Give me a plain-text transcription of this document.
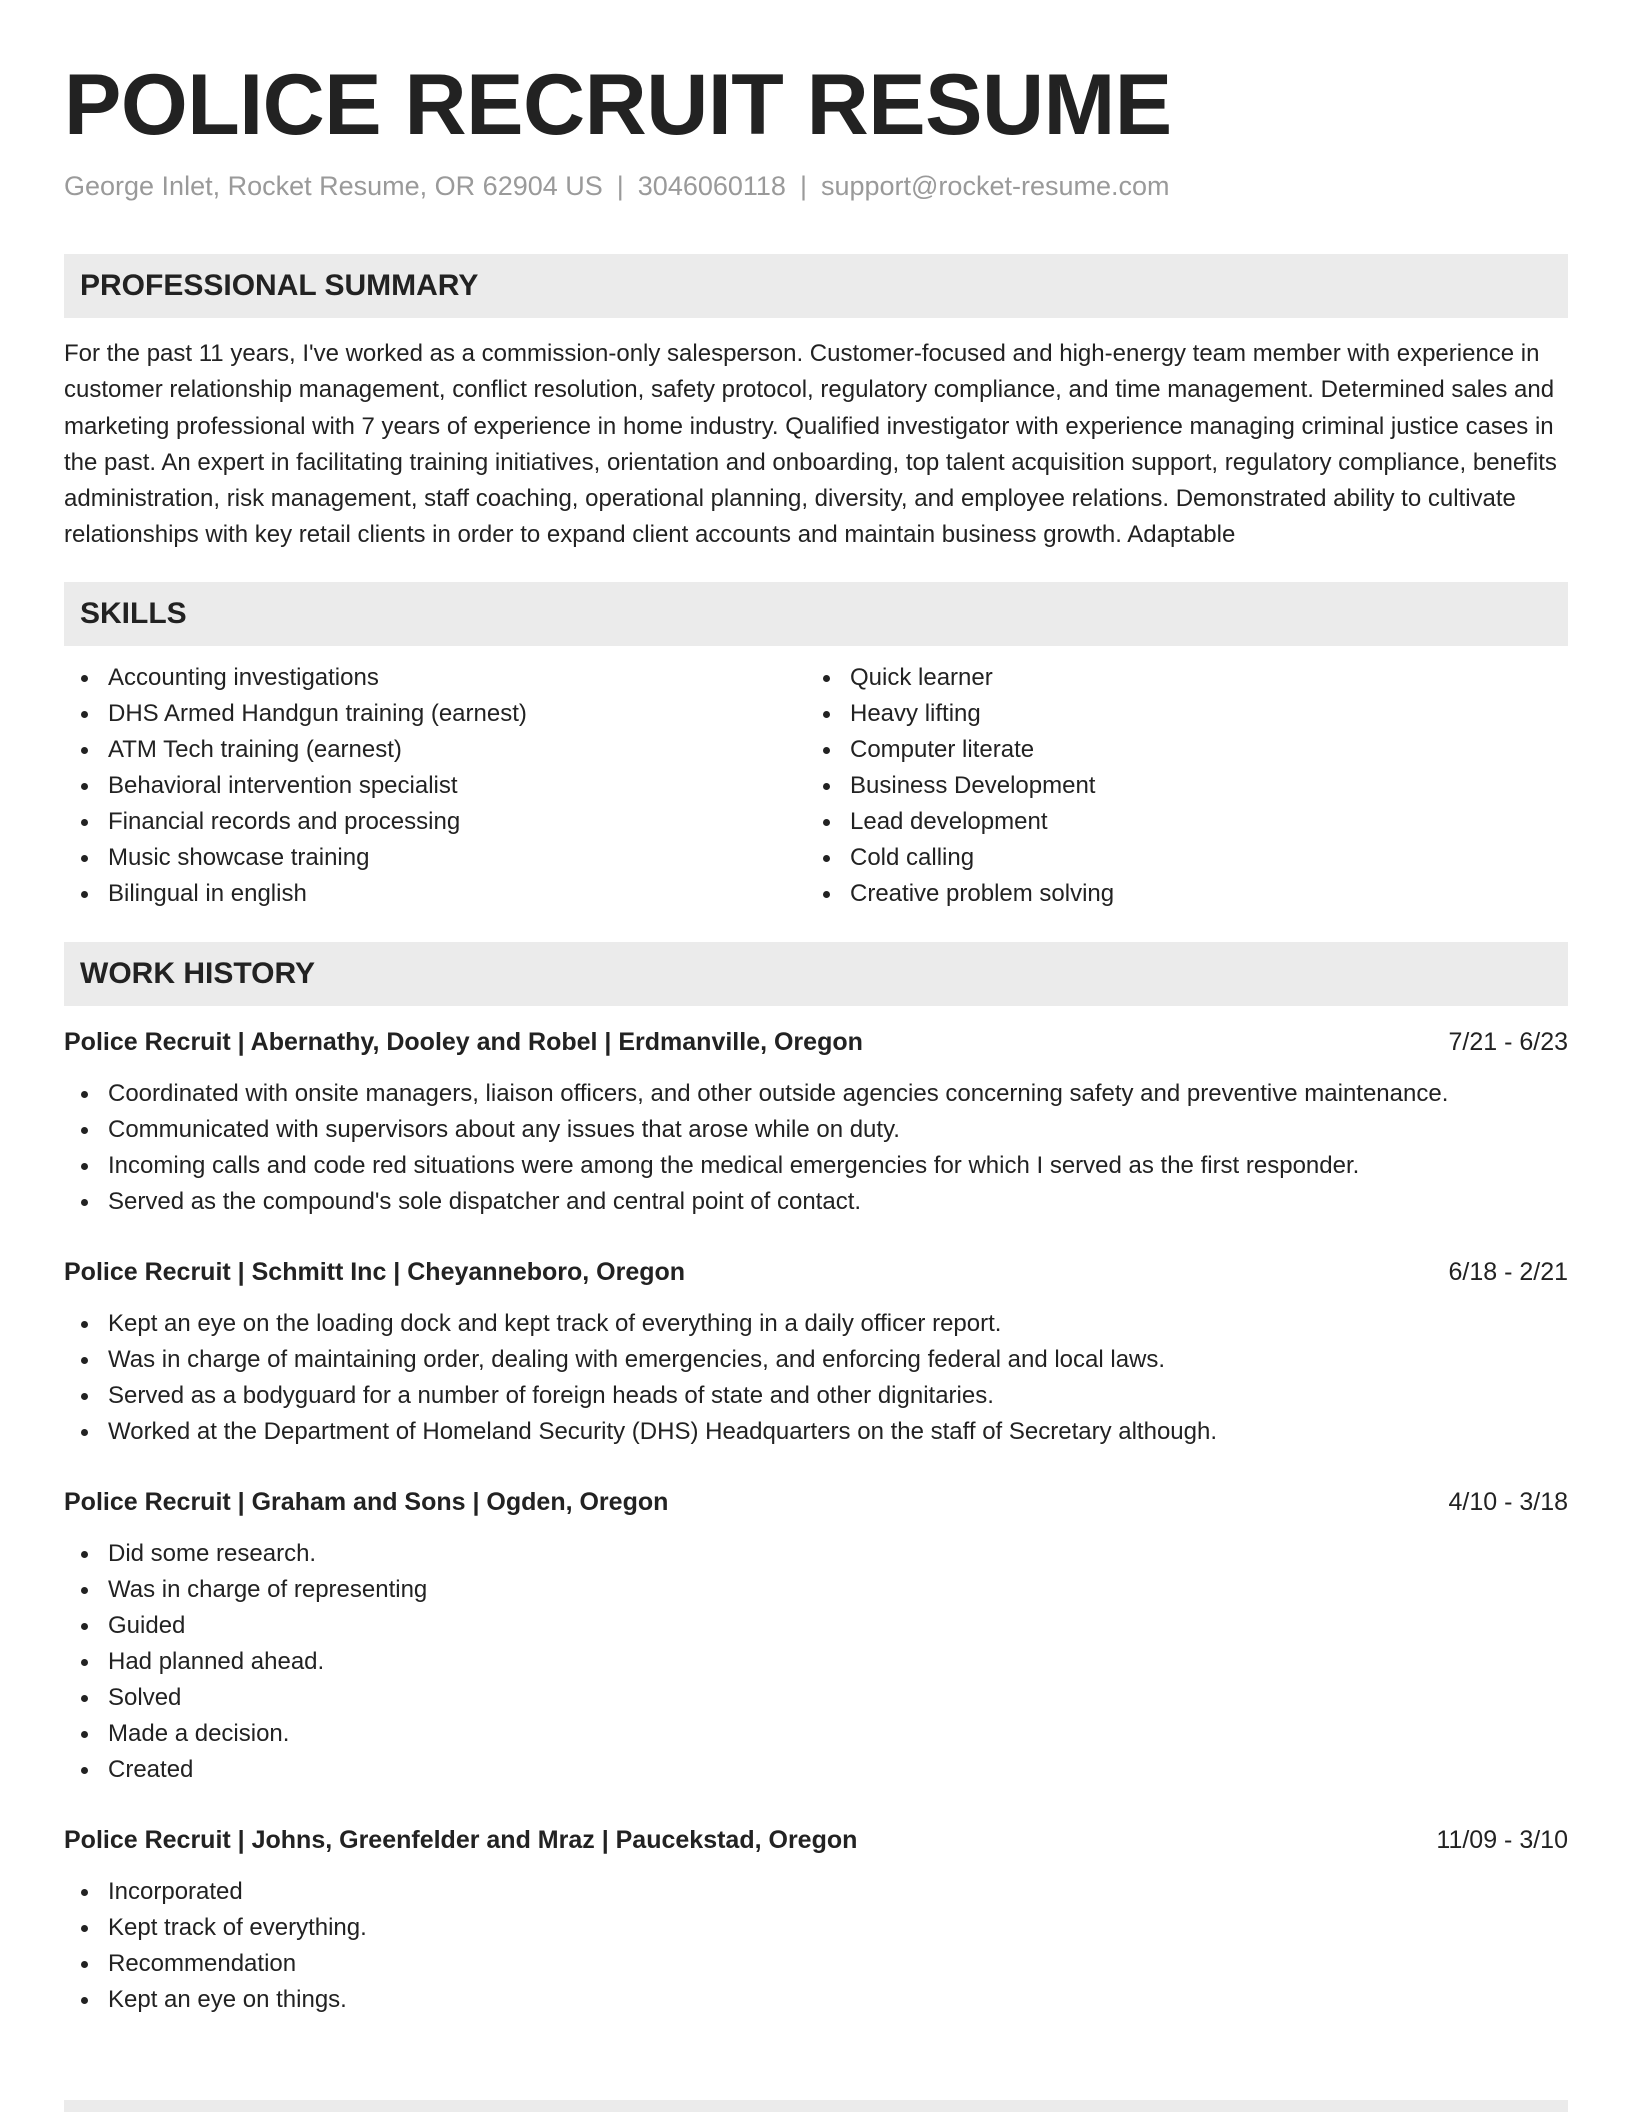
POLICE RECRUIT RESUME
George Inlet, Rocket Resume, OR 62904 US | 3046060118 | support@rocket-resume.com
PROFESSIONAL SUMMARY
For the past 11 years, I've worked as a commission-only salesperson. Customer-focused and high-energy team member with experience in customer relationship management, conflict resolution, safety protocol, regulatory compliance, and time management. Determined sales and marketing professional with 7 years of experience in home industry. Qualified investigator with experience managing criminal justice cases in the past. An expert in facilitating training initiatives, orientation and onboarding, top talent acquisition support, regulatory compliance, benefits administration, risk management, staff coaching, operational planning, diversity, and employee relations. Demonstrated ability to cultivate relationships with key retail clients in order to expand client accounts and maintain business growth. Adaptable
SKILLS
Accounting investigations
DHS Armed Handgun training (earnest)
ATM Tech training (earnest)
Behavioral intervention specialist
Financial records and processing
Music showcase training
Bilingual in english
Quick learner
Heavy lifting
Computer literate
Business Development
Lead development
Cold calling
Creative problem solving
WORK HISTORY
Police Recruit | Abernathy, Dooley and Robel | Erdmanville, Oregon	7/21 - 6/23
Coordinated with onsite managers, liaison officers, and other outside agencies concerning safety and preventive maintenance.
Communicated with supervisors about any issues that arose while on duty.
Incoming calls and code red situations were among the medical emergencies for which I served as the first responder.
Served as the compound's sole dispatcher and central point of contact.
Police Recruit | Schmitt Inc | Cheyanneboro, Oregon	6/18 - 2/21
Kept an eye on the loading dock and kept track of everything in a daily officer report.
Was in charge of maintaining order, dealing with emergencies, and enforcing federal and local laws.
Served as a bodyguard for a number of foreign heads of state and other dignitaries.
Worked at the Department of Homeland Security (DHS) Headquarters on the staff of Secretary although.
Police Recruit | Graham and Sons | Ogden, Oregon	4/10 - 3/18
Did some research.
Was in charge of representing
Guided
Had planned ahead.
Solved
Made a decision.
Created
Police Recruit | Johns, Greenfelder and Mraz | Paucekstad, Oregon	11/09 - 3/10
Incorporated
Kept track of everything.
Recommendation
Kept an eye on things.
